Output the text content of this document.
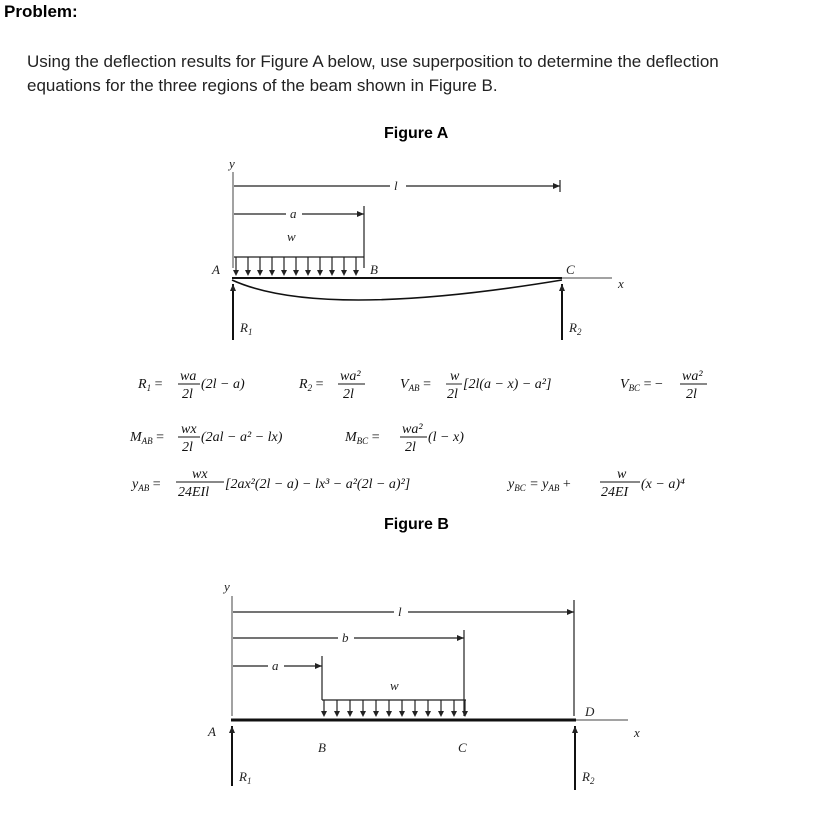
Problem:
Using the deflection results for Figure A below, use superposition to determine the deflection
equations for the three regions of the beam shown in Figure B.
Figure A
Figure B
y
l
a
w
A	B	C
x
$R_1$	$R_2$
$R_1$ =
wa
2l
(2l − a)	$R_2$ =
wa²
2l
$V_{AB}$ =
w
2l
[2l(a − x) − a²]	$V_{BC}$ = −
wa²
2l
$M_{AB}$ =
wx
2l
(2al − a² − lx)	$M_{BC}$ =
wa²
2l
(l − x)
$y_{AB}$ =
wx
24EIl
[2ax²(2l − a) − lx³ − a²(2l − a)²]	$y_{BC} = y_{AB}$ +
w
24EI
(x − a)⁴
y
l
b
a
w
A
B	C
D
x
$R_1$	$R_2$
